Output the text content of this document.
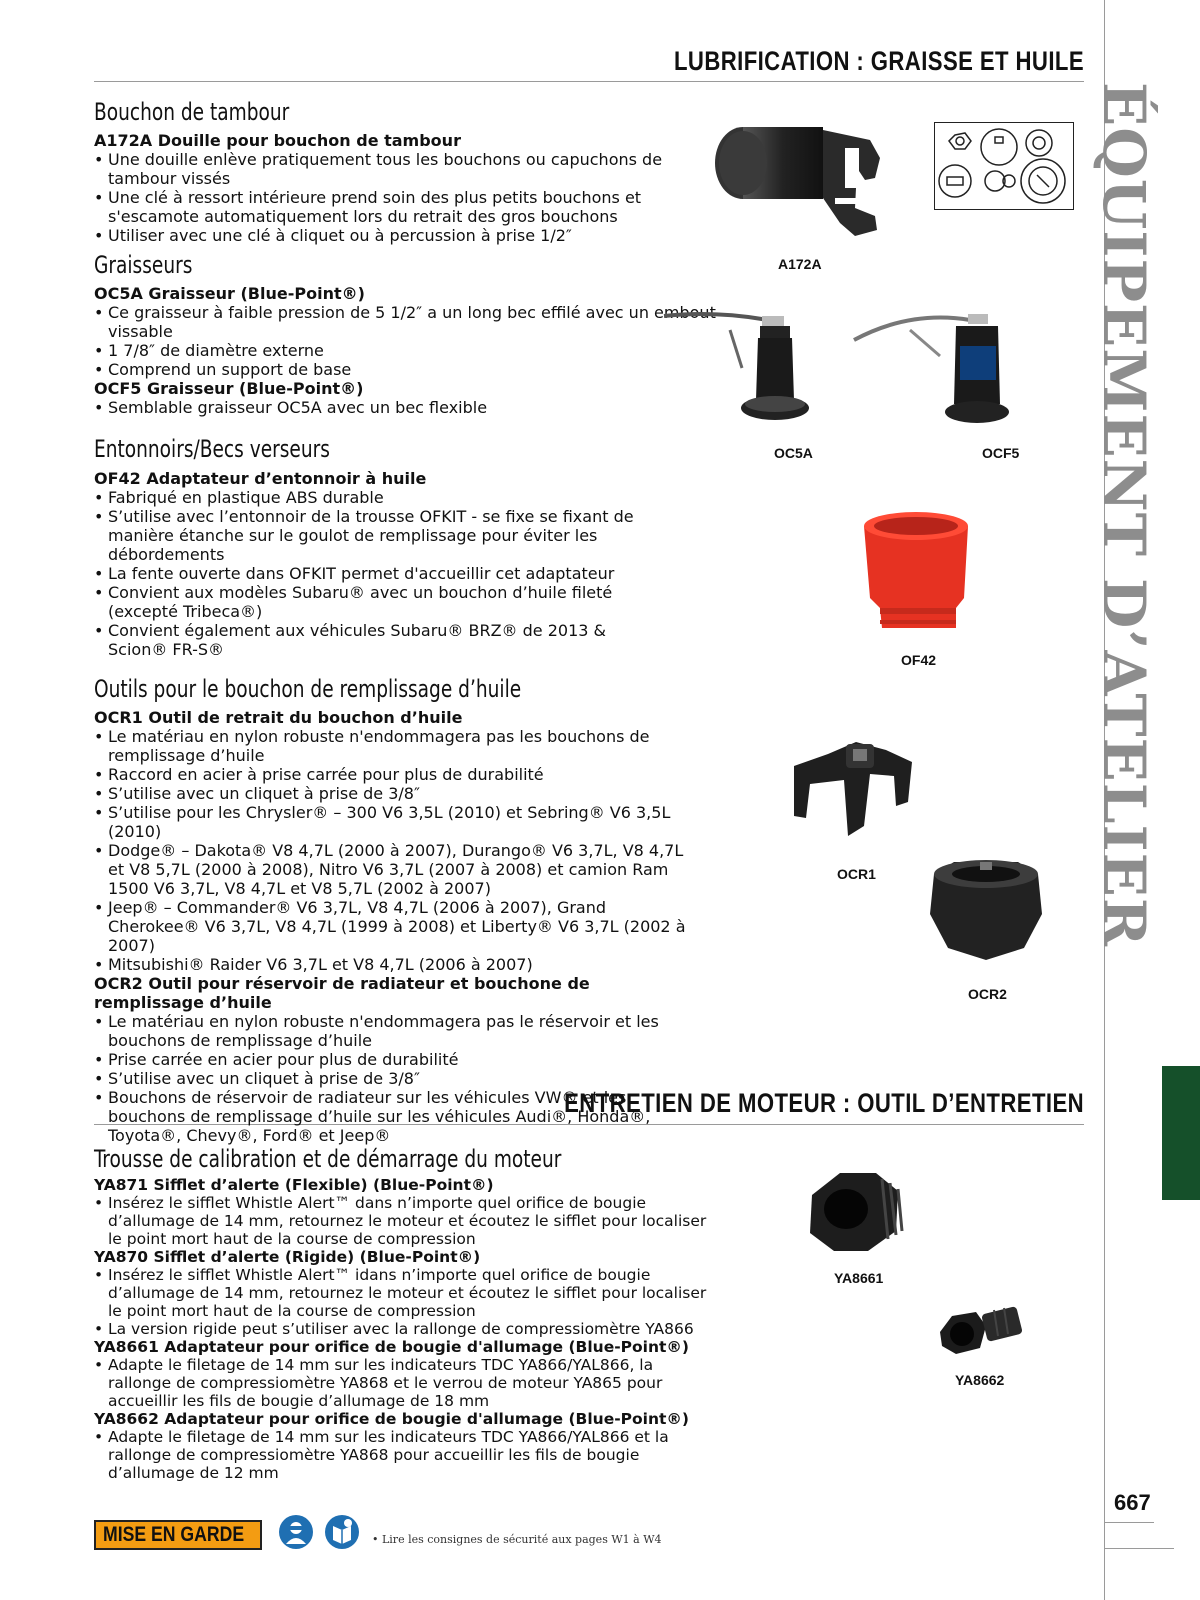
LUBRIFICATION : GRAISSE ET HUILE
ENTRETIEN DE MOTEUR : OUTIL D’ENTRETIEN
ÉQUIPEMENT D’ATELIER
667
Bouchon de tambour
A172A Douille pour bouchon de tambour
• Une douille enlève pratiquement tous les bouchons ou capuchons de tambour vissés
• Une clé à ressort intérieure prend soin des plus petits bouchons et s'escamote automatiquement lors du retrait des gros bouchons
• Utiliser avec une clé à cliquet ou à percussion à prise 1/2″
Graisseurs
OC5A Graisseur (Blue-Point®)
• Ce graisseur à faible pression de 5 1/2″ a un long bec effilé avec un embout vissable
• 1 7/8″ de diamètre externe
• Comprend un support de base
OCF5 Graisseur (Blue-Point®)
• Semblable graisseur OC5A avec un bec flexible
Entonnoirs/Becs verseurs
OF42 Adaptateur d’entonnoir à huile
• Fabriqué en plastique ABS durable
• S’utilise avec l’entonnoir de la trousse OFKIT - se fixe se fixant de manière étanche sur le goulot de remplissage pour éviter les débordements
• La fente ouverte dans OFKIT permet d'accueillir cet adaptateur
• Convient aux modèles Subaru® avec un bouchon d’huile fileté (excepté Tribeca®)
• Convient également aux véhicules Subaru® BRZ® de 2013 & Scion® FR-S®
Outils pour le bouchon de remplissage d’huile
OCR1 Outil de retrait du bouchon d’huile
• Le matériau en nylon robuste n'endommagera pas les bouchons de remplissage d’huile
• Raccord en acier à prise carrée pour plus de durabilité
• S’utilise avec un cliquet à prise de 3/8″
• S’utilise pour les Chrysler® – 300 V6 3,5L (2010) et Sebring® V6 3,5L (2010)
• Dodge® – Dakota® V8 4,7L (2000 à 2007), Durango® V6 3,7L, V8 4,7L et V8 5,7L (2000 à 2008), Nitro V6 3,7L (2007 à 2008) et camion Ram 1500 V6 3,7L, V8 4,7L et V8 5,7L (2002 à 2007)
• Jeep® – Commander® V6 3,7L, V8 4,7L (2006 à 2007), Grand Cherokee® V6 3,7L, V8 4,7L (1999 à 2008) et Liberty® V6 3,7L (2002 à 2007)
• Mitsubishi® Raider V6 3,7L et V8 4,7L (2006 à 2007)
OCR2 Outil pour réservoir de radiateur et bouchone de remplissage d’huile
• Le matériau en nylon robuste n'endommagera pas le réservoir et les bouchons de remplissage d’huile
• Prise carrée en acier pour plus de durabilité
• S’utilise avec un cliquet à prise de 3/8″
• Bouchons de réservoir de radiateur sur les véhicules VW® et les bouchons de remplissage d’huile sur les véhicules Audi®, Honda®, Toyota®, Chevy®, Ford® et Jeep®
Trousse de calibration et de démarrage du moteur
YA871 Sifflet d’alerte (Flexible) (Blue-Point®)
• Insérez le sifflet Whistle Alert™ dans n’importe quel orifice de bougie d’allumage de 14 mm, retournez le moteur et écoutez le sifflet pour localiser le point mort haut de la course de compression
YA870 Sifflet d’alerte (Rigide) (Blue-Point®)
• Insérez le sifflet Whistle Alert™ idans n’importe quel orifice de bougie d’allumage de 14 mm, retournez le moteur et écoutez le sifflet pour localiser le point mort haut de la course de compression
• La version rigide peut s’utiliser avec la rallonge de compressiomètre YA866
YA8661 Adaptateur pour orifice de bougie d'allumage (Blue-Point®)
• Adapte le filetage de 14 mm sur les indicateurs TDC YA866/YAL866, la rallonge de compressiomètre YA868 et le verrou de moteur YA865 pour accueillir les fils de bougie d’allumage de 18 mm
YA8662 Adaptateur pour orifice de bougie d'allumage (Blue-Point®)
• Adapte le filetage de 14 mm sur les indicateurs TDC YA866/YAL866 et la rallonge de compressiomètre YA868 pour accueillir les fils de bougie d’allumage de 12 mm
A172A
OC5A	OCF5
OF42
OCR1
OCR2
YA8661
YA8662
MISE EN GARDE	• Lire les consignes de sécurité aux pages W1 à W4
